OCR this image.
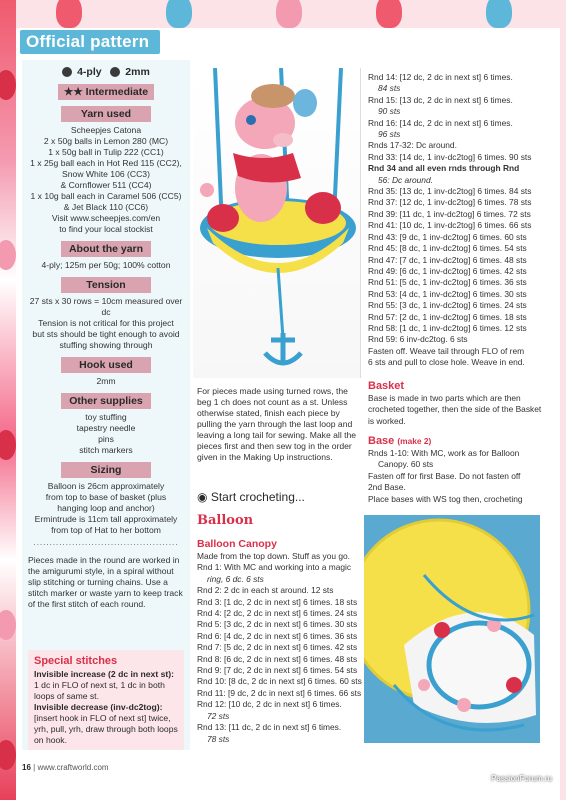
Official pattern
4-ply 2mm
★★ Intermediate
Yarn used

Scheepjes Catona

2 x 50g balls in Lemon 280 (MC)

1 x 50g ball in Tulip 222 (CC1)

1 x 25g ball each in Hot Red 115 (CC2),

Snow White 106 (CC3)

& Cornflower 511 (CC4)

1 x 10g ball each in Caramel 506 (CC5)

& Jet Black 110 (CC6)

Visit www.scheepjes.com/en

to find your local stockist

About the yarn

4-ply; 125m per 50g; 100% cotton

Tension

27 sts x 30 rows = 10cm measured over dc

Tension is not critical for this project

but sts should be tight enough to avoid

stuffing showing through

Hook used

2mm

Other supplies

toy stuffing

tapestry needle

pins

stitch markers

Sizing

Balloon is 26cm approximately

from top to base of basket (plus

hanging loop and anchor)

Ermintrude is 11cm tall approximately

from top of Hat to her bottom

.............................................
Pieces made in the round are worked in the amigurumi style, in a spiral without slip stitching or turning chains. Use a stitch marker or waste yarn to keep track of the first stitch of each round.
Special stitches
Invisible increase (2 dc in next st):
1 dc in FLO of next st, 1 dc in both loops of same st.
Invisible decrease (inv-dc2tog):
[insert hook in FLO of next st] twice, yrh, pull, yrh, draw through both loops on hook.
For pieces made using turned rows, the beg 1 ch does not count as a st. Unless otherwise stated, finish each piece by pulling the yarn through the last loop and leaving a long tail for sewing. Make all the pieces first and then sew tog in the order given in the Making Up instructions.
◉ Start crocheting...
Balloon
Balloon Canopy

Made from the top down. Stuff as you go.

Rnd 1: With MC and working into a magic

ring, 6 dc. 6 sts

Rnd 2: 2 dc in each st around. 12 sts

Rnd 3: [1 dc, 2 dc in next st] 6 times. 18 sts

Rnd 4: [2 dc, 2 dc in next st] 6 times. 24 sts

Rnd 5: [3 dc, 2 dc in next st] 6 times. 30 sts

Rnd 6: [4 dc, 2 dc in next st] 6 times. 36 sts

Rnd 7: [5 dc, 2 dc in next st] 6 times. 42 sts

Rnd 8: [6 dc, 2 dc in next st] 6 times. 48 sts

Rnd 9: [7 dc, 2 dc in next st] 6 times. 54 sts

Rnd 10: [8 dc, 2 dc in next st] 6 times. 60 sts

Rnd 11: [9 dc, 2 dc in next st] 6 times. 66 sts

Rnd 12: [10 dc, 2 dc in next st] 6 times.

72 sts

Rnd 13: [11 dc, 2 dc in next st] 6 times.

78 sts

Rnd 14: [12 dc, 2 dc in next st] 6 times.

84 sts

Rnd 15: [13 dc, 2 dc in next st] 6 times.

90 sts

Rnd 16: [14 dc, 2 dc in next st] 6 times.

96 sts

Rnds 17-32: Dc around.

Rnd 33: [14 dc, 1 inv-dc2tog] 6 times. 90 sts

Rnd 34 and all even rnds through Rnd

56: Dc around.

Rnd 35: [13 dc, 1 inv-dc2tog] 6 times. 84 sts

Rnd 37: [12 dc, 1 inv-dc2tog] 6 times. 78 sts

Rnd 39: [11 dc, 1 inv-dc2tog] 6 times. 72 sts

Rnd 41: [10 dc, 1 inv-dc2tog] 6 times. 66 sts

Rnd 43: [9 dc, 1 inv-dc2tog] 6 times. 60 sts

Rnd 45: [8 dc, 1 inv-dc2tog] 6 times. 54 sts

Rnd 47: [7 dc, 1 inv-dc2tog] 6 times. 48 sts

Rnd 49: [6 dc, 1 inv-dc2tog] 6 times. 42 sts

Rnd 51: [5 dc, 1 inv-dc2tog] 6 times. 36 sts

Rnd 53: [4 dc, 1 inv-dc2tog] 6 times. 30 sts

Rnd 55: [3 dc, 1 inv-dc2tog] 6 times. 24 sts

Rnd 57: [2 dc, 1 inv-dc2tog] 6 times. 18 sts

Rnd 58: [1 dc, 1 inv-dc2tog] 6 times. 12 sts

Rnd 59: 6 inv-dc2tog. 6 sts

Fasten off. Weave tail through FLO of rem

6 sts and pull to close hole. Weave in end.

Basket
Base is made in two parts which are then crocheted together, then the side of the Basket is worked.
Base (make 2)

Rnds 1-10: With MC, work as for Balloon

Canopy. 60 sts

Fasten off for first Base. Do not fasten off

2nd Base.

Place bases with WS tog then, crocheting

16 | www.craftworld.com
PassionForum.ru
